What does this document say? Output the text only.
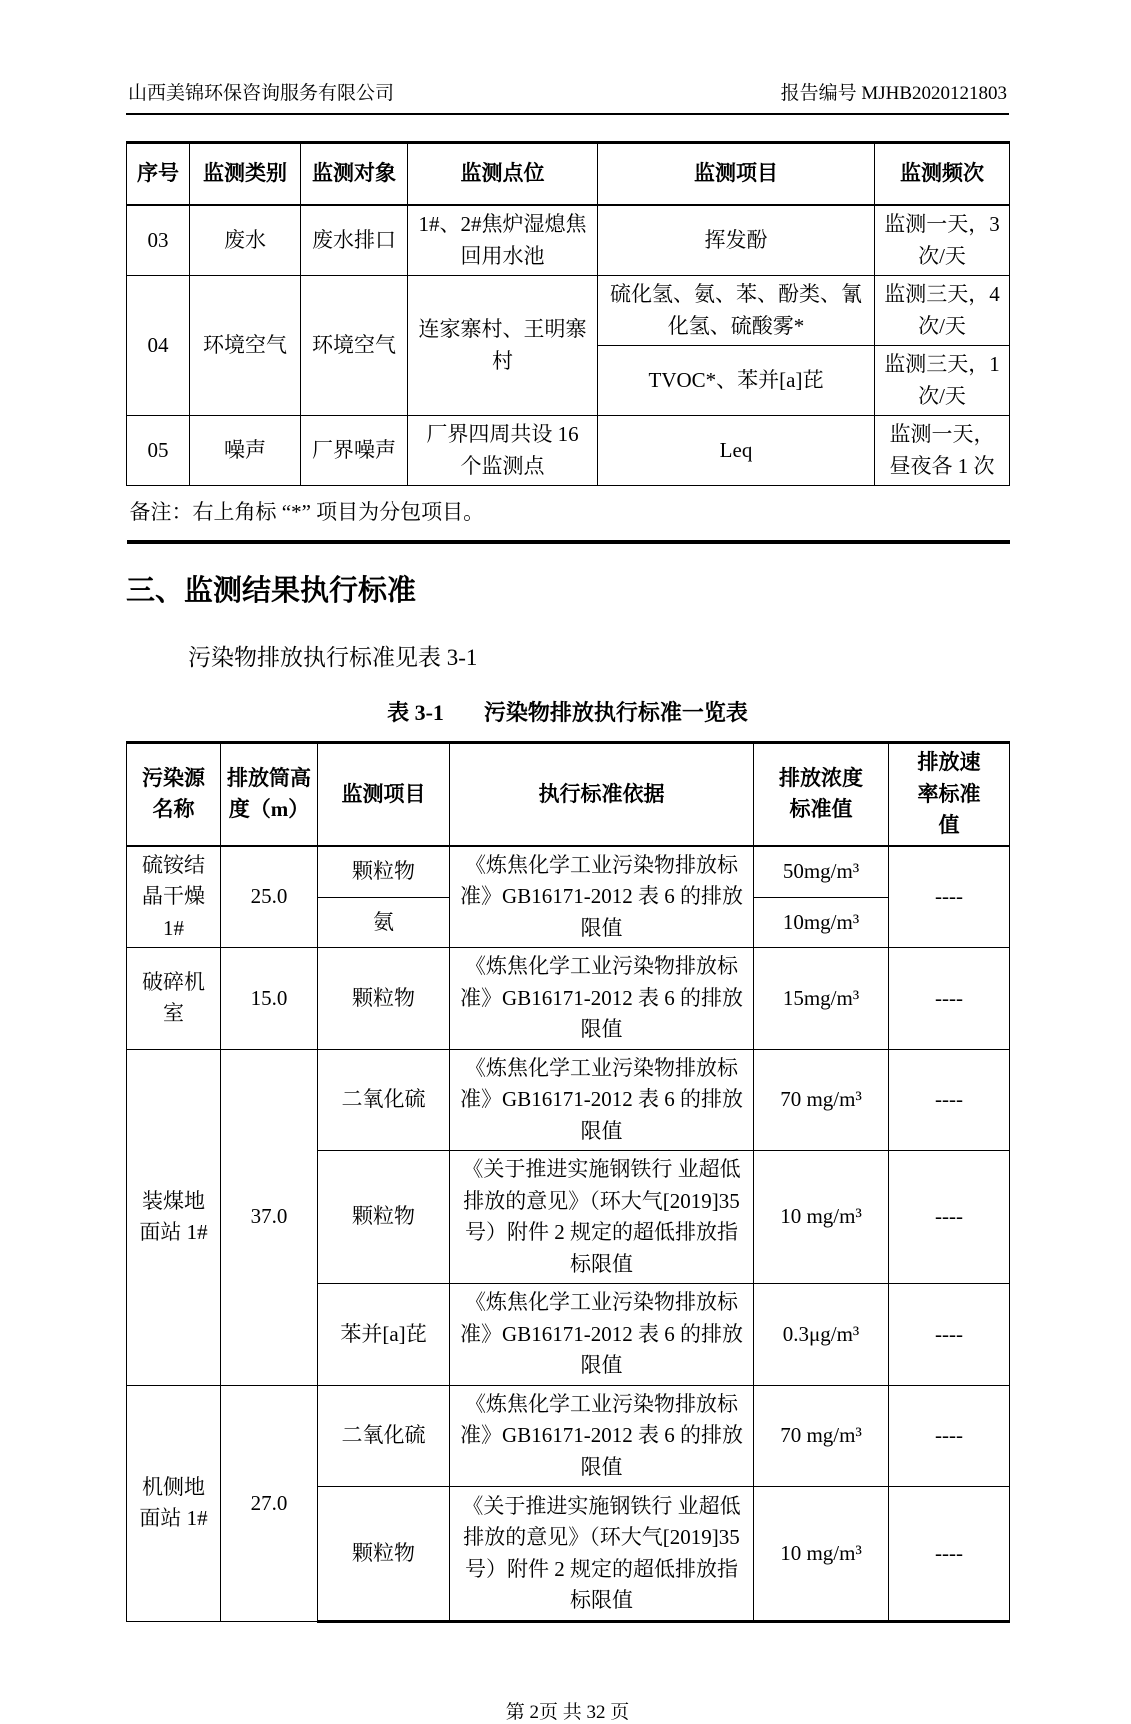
山西美锦环保咨询服务有限公司	报告编号 MJHB2020121803
序号	监测类别	监测对象	监测点位	监测项目	监测频次
03	废水	废水排口	1#、2#焦炉湿熄焦回用水池	挥发酚	监测一天，3 次/天
04	环境空气	环境空气	连家寨村、王明寨村	硫化氢、氨、苯、酚类、氰化氢、硫酸雾*	监测三天，4 次/天
				TVOC*、苯并[a]芘	监测三天，1 次/天
05	噪声	厂界噪声	厂界四周共设 16 个监测点	Leq	监测一天，昼夜各 1 次
备注：右上角标 “*” 项目为分包项目。					
三、监测结果执行标准

污染物排放执行标准见表 3-1

表 3-1 污染物排放执行标准一览表
污染源名称	排放筒高度（m）	监测项目	执行标准依据	排放浓度标准值	排放速率标准值
硫铵结晶干燥1#	25.0	颗粒物	《炼焦化学工业污染物排放标准》GB16171-2012 表 6 的排放限值	50mg/m³	----
		氨		10mg/m³	
破碎机室	15.0	颗粒物	《炼焦化学工业污染物排放标准》GB16171-2012 表 6 的排放限值	15mg/m³	----
装煤地面站 1#	37.0	二氧化硫	《炼焦化学工业污染物排放标准》GB16171-2012 表 6 的排放限值	70 mg/m³	----
		颗粒物	《关于推进实施钢铁行 业超低排放的意见》（环大气[2019]35 号）附件 2 规定的超低排放指标限值	10 mg/m³	----
		苯并[a]芘	《炼焦化学工业污染物排放标准》GB16171-2012 表 6 的排放限值	0.3μg/m³	----
机侧地面站 1#	27.0	二氧化硫	《炼焦化学工业污染物排放标准》GB16171-2012 表 6 的排放限值	70 mg/m³	----
		颗粒物	《关于推进实施钢铁行 业超低排放的意见》（环大气[2019]35 号）附件 2 规定的超低排放指标限值	10 mg/m³	----
第 2页 共 32 页
